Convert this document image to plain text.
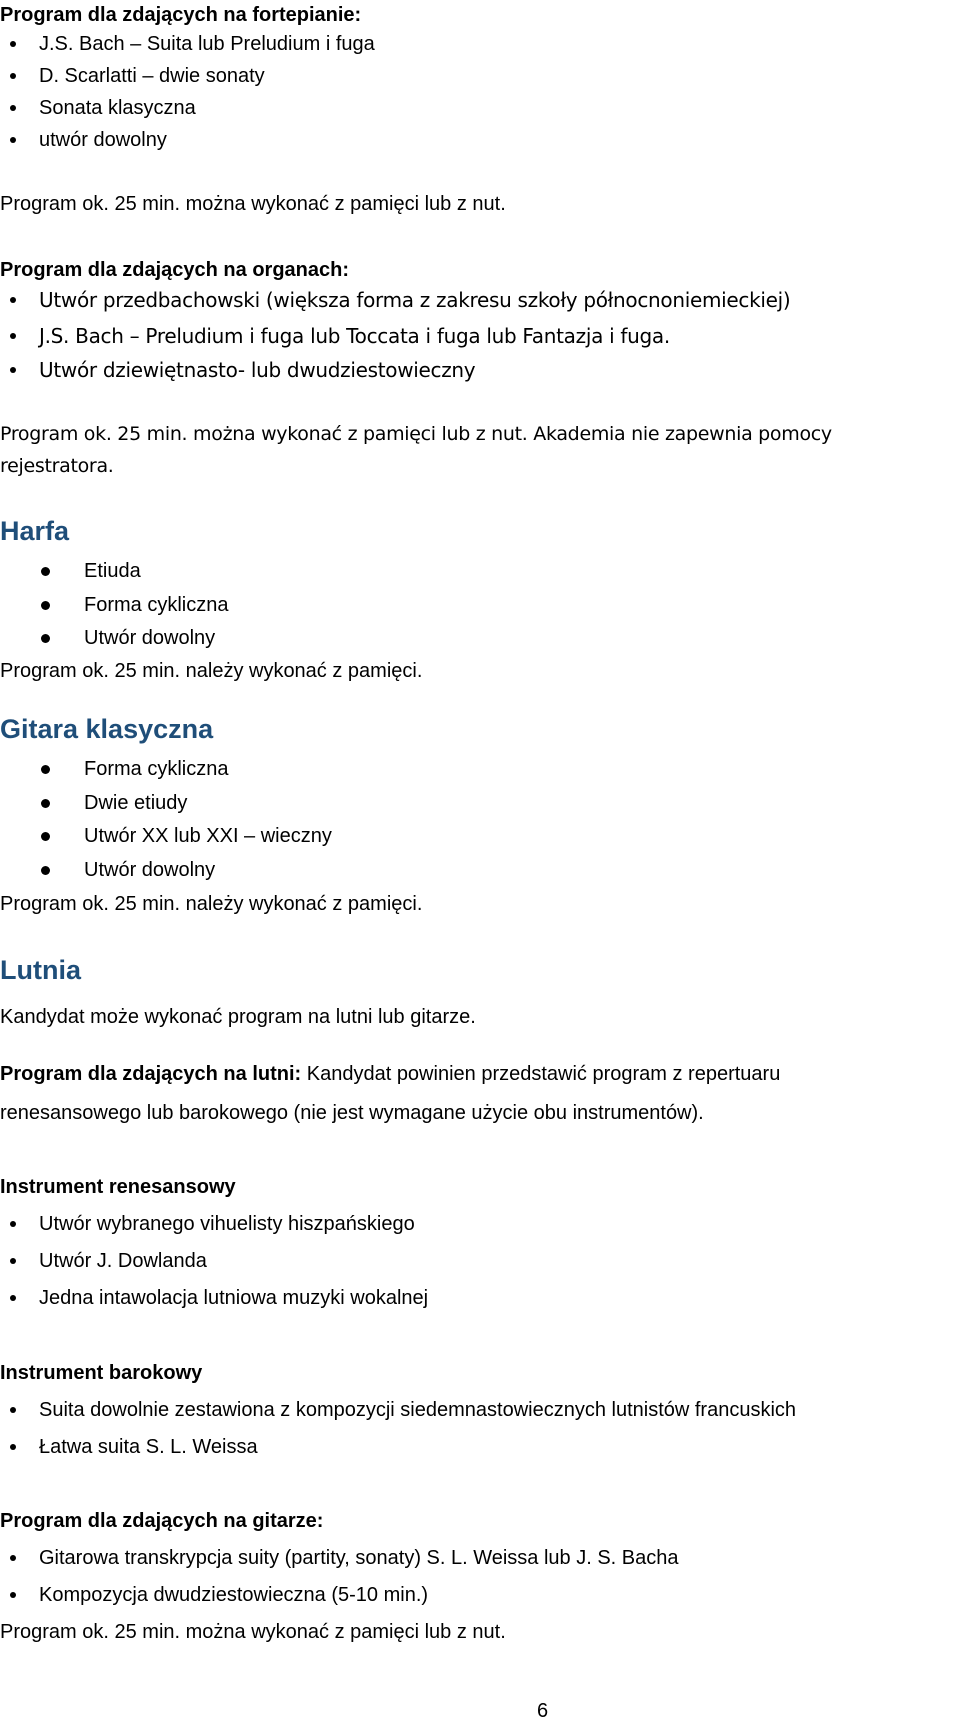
Program dla zdających na fortepianie:
J.S. Bach – Suita lub Preludium i fuga
D. Scarlatti – dwie sonaty
Sonata klasyczna
utwór dowolny
Program ok. 25 min. można wykonać z pamięci lub z nut.
Program dla zdających na organach:
Utwór przedbachowski (większa forma z zakresu szkoły północnoniemieckiej)
J.S. Bach – Preludium i fuga lub Toccata i fuga lub Fantazja i fuga.
Utwór dziewiętnasto- lub dwudziestowieczny
Program ok. 25 min. można wykonać z pamięci lub z nut. Akademia nie zapewnia pomocy
rejestratora.
Harfa
Etiuda
Forma cykliczna
Utwór dowolny
Program ok. 25 min. należy wykonać z pamięci.
Gitara klasyczna
Forma cykliczna
Dwie etiudy
Utwór XX lub XXI – wieczny
Utwór dowolny
Program ok. 25 min. należy wykonać z pamięci.
Lutnia
Kandydat może wykonać program na lutni lub gitarze.
Program dla zdających na lutni: Kandydat powinien przedstawić program z repertuaru
renesansowego lub barokowego (nie jest wymagane użycie obu instrumentów).
Instrument renesansowy
Utwór wybranego vihuelisty hiszpańskiego
Utwór J. Dowlanda
Jedna intawolacja lutniowa muzyki wokalnej
Instrument barokowy
Suita dowolnie zestawiona z kompozycji siedemnastowiecznych lutnistów francuskich
Łatwa suita S. L. Weissa
Program dla zdających na gitarze:
Gitarowa transkrypcja suity (partity, sonaty) S. L. Weissa lub J. S. Bacha
Kompozycja dwudziestowieczna (5-10 min.)
Program ok. 25 min. można wykonać z pamięci lub z nut.
6
